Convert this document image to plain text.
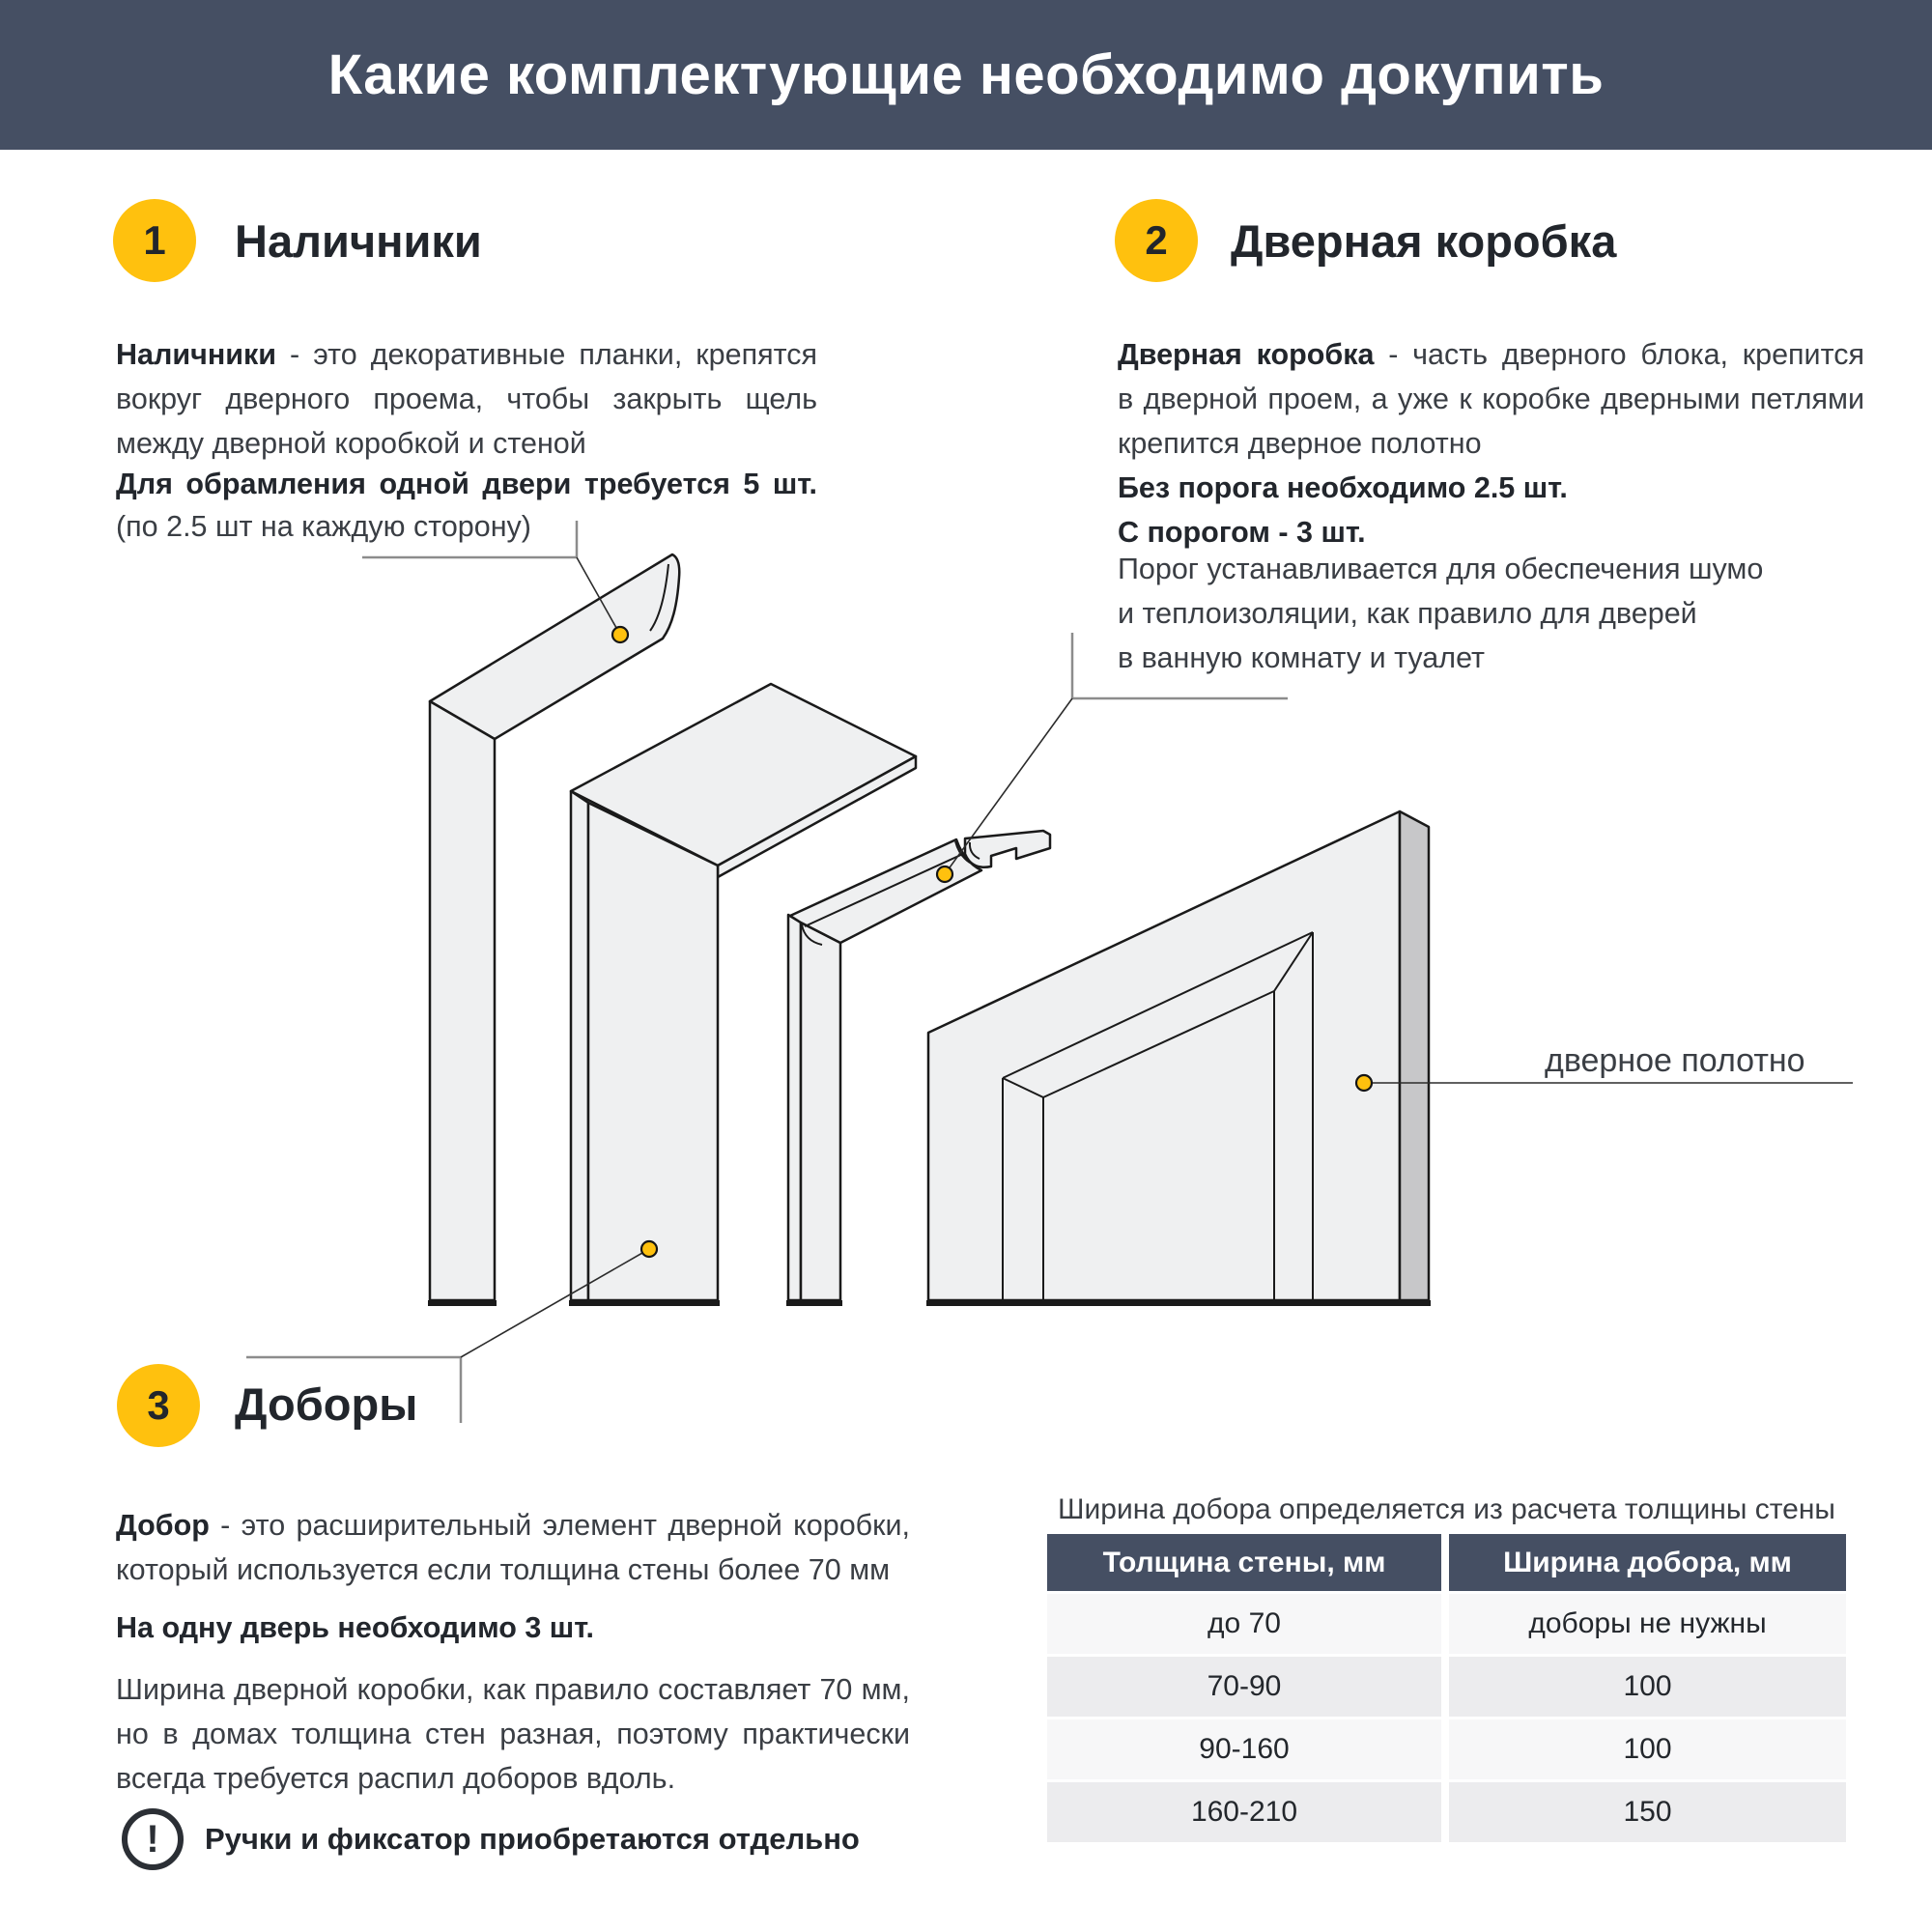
Какие комплектующие необходимо докупить
1 Наличники
Наличники - это декоративные планки, крепятся
вокруг дверного проема, чтобы закрыть щель
между дверной коробкой и стеной
Для обрамления одной двери требуется 5 шт.
(по 2.5 шт на каждую сторону)
2 Дверная коробка
Дверная коробка - часть дверного блока, крепится
в дверной проем, а уже к коробке дверными петлями
крепится дверное полотно
Без порога необходимо 2.5 шт.
С порогом - 3 шт.
Порог устанавливается для обеспечения шумо
и теплоизоляции, как правило для дверей
в ванную комнату и туалет
дверное полотно
3 Доборы
Добор - это расширительный элемент дверной коробки,
который используется если толщина стены более 70 мм
На одну дверь необходимо 3 шт.
Ширина дверной коробки, как правило составляет 70 мм,
но в домах толщина стен разная, поэтому практически
всегда требуется распил доборов вдоль.
! Ручки и фиксатор приобретаются отдельно
Ширина добора определяется из расчета толщины стены
Толщина стены, мм	Ширина добора, мм
до 70	доборы не нужны
70-90	100
90-160	100
160-210	150
